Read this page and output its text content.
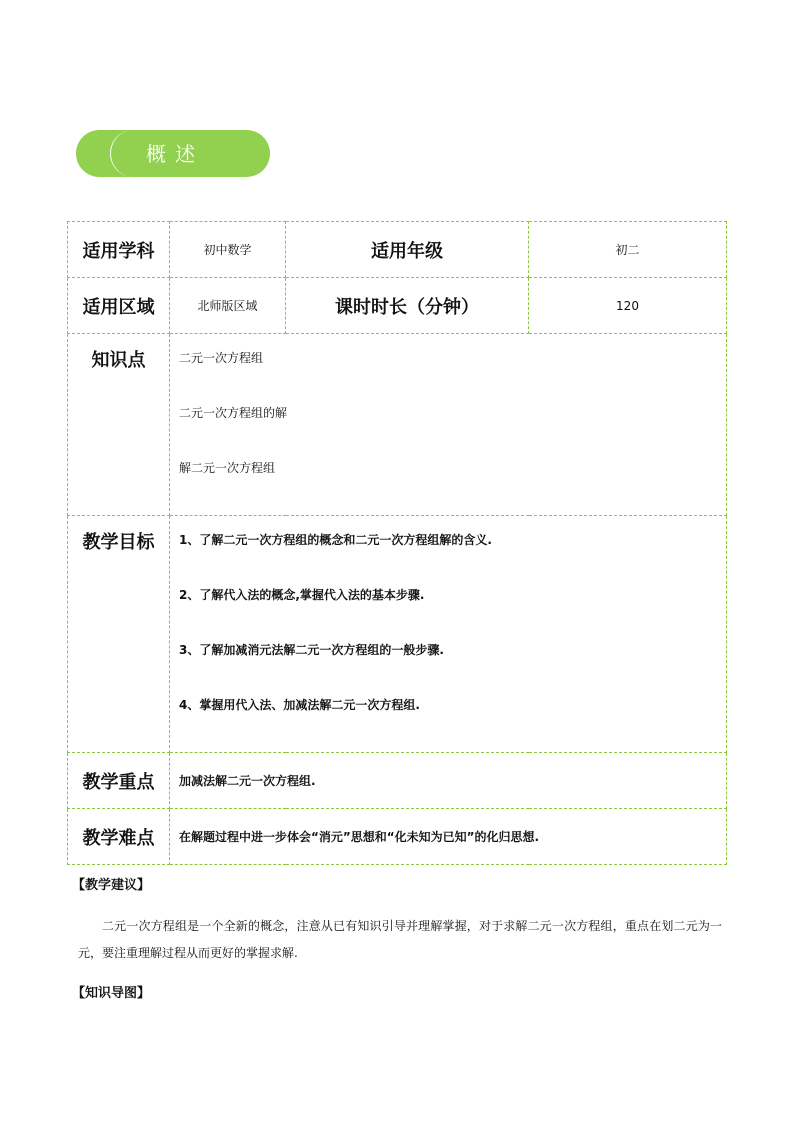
概述
适用学科	初中数学	适用年级	初二
适用区域	北师版区域	课时时长（分钟）	120
知识点	二元一次方程组
二元一次方程组的解
解二元一次方程组		

教学目标	1、了解二元一次方程组的概念和二元一次方程组解的含义.
2、了解代入法的概念,掌握代入法的基本步骤.
3、了解加减消元法解二元一次方程组的一般步骤.
4、掌握用代入法、加减法解二元一次方程组.		

教学重点	加减法解二元一次方程组.		
教学难点	在解题过程中进一步体会“消元”思想和“化未知为已知”的化归思想.		
【教学建议】
二元一次方程组是一个全新的概念，注意从已有知识引导并理解掌握，对于求解二元一次方程组，重点在划二元为一元，要注重理解过程从而更好的掌握求解.
【知识导图】
